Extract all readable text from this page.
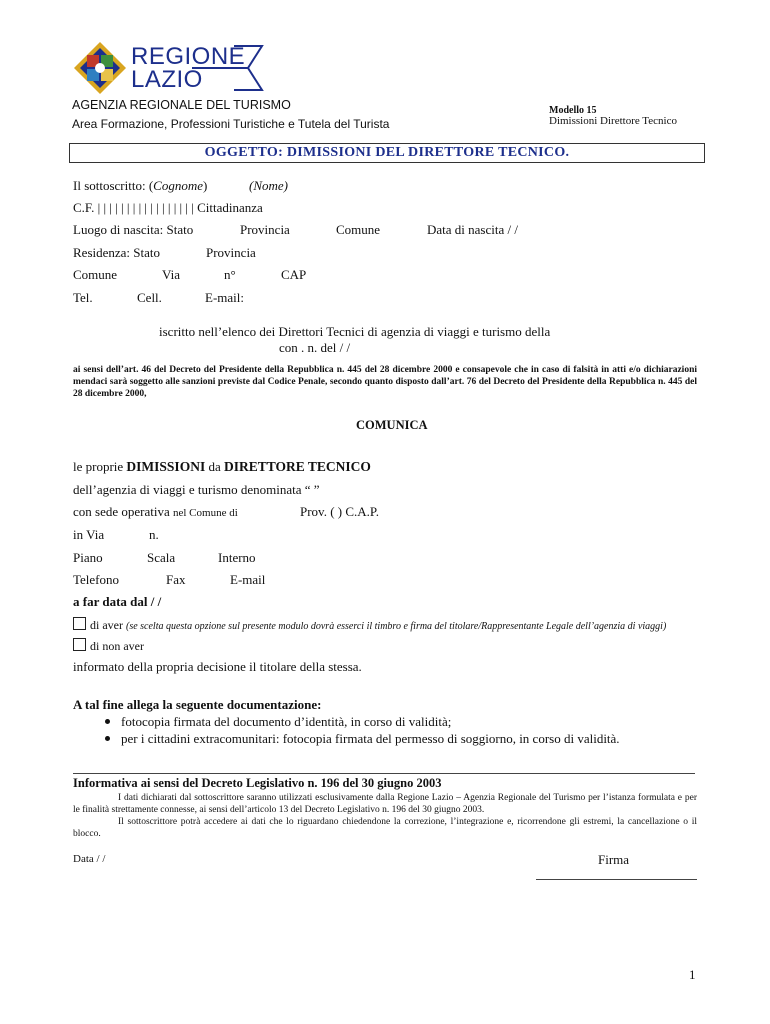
REGIONE
LAZIO
AGENZIA REGIONALE DEL TURISMO
Area Formazione, Professioni Turistiche e Tutela del Turista
Modello 15
Dimissioni Direttore Tecnico
OGGETTO: DIMISSIONI DEL DIRETTORE TECNICO.
Il sottoscritto: (Cognome)	(Nome)
C.F. | | | | | | | | | | | | | | | | | Cittadinanza
Luogo di nascita: Stato	Provincia	Comune	Data di nascita / /
Residenza: Stato	Provincia
Comune	Via	n°	CAP
Tel.	Cell.	E-mail:
iscritto nell’elenco dei Direttori Tecnici di agenzia di viaggi e turismo della
con . n. del / /
ai sensi dell’art. 46 del Decreto del Presidente della Repubblica n. 445 del 28 dicembre 2000 e consapevole che in caso di falsità in atti e/o dichiarazioni mendaci sarà soggetto alle sanzioni previste dal Codice Penale, secondo quanto disposto dall’art. 76 del Decreto del Presidente della Repubblica n. 445 del 28 dicembre 2000,
COMUNICA
le proprie DIMISSIONI da DIRETTORE TECNICO
dell’agenzia di viaggi e turismo denominata “ ”
con sede operativa nel Comune di	Prov. ( ) C.A.P.
in Via	n.
Piano	Scala	Interno
Telefono	Fax	E-mail
a far data dal / /
di aver (se scelta questa opzione sul presente modulo dovrà esserci il timbro e firma del titolare/Rappresentante Legale dell’agenzia di viaggi)
di non aver
informato della propria decisione il titolare della stessa.
A tal fine allega la seguente documentazione:
fotocopia firmata del documento d’identità, in corso di validità;
per i cittadini extracomunitari: fotocopia firmata del permesso di soggiorno, in corso di validità.
Informativa ai sensi del Decreto Legislativo n. 196 del 30 giugno 2003
I dati dichiarati dal sottoscrittore saranno utilizzati esclusivamente dalla Regione Lazio – Agenzia Regionale del Turismo per l’istanza formulata e per le finalità strettamente connesse, ai sensi dell’articolo 13 del Decreto Legislativo n. 196 del 30 giugno 2003.
Il sottoscrittore potrà accedere ai dati che lo riguardano chiedendone la correzione, l’integrazione e, ricorrendone gli estremi, la cancellazione o il blocco.
Data / /	Firma
1
